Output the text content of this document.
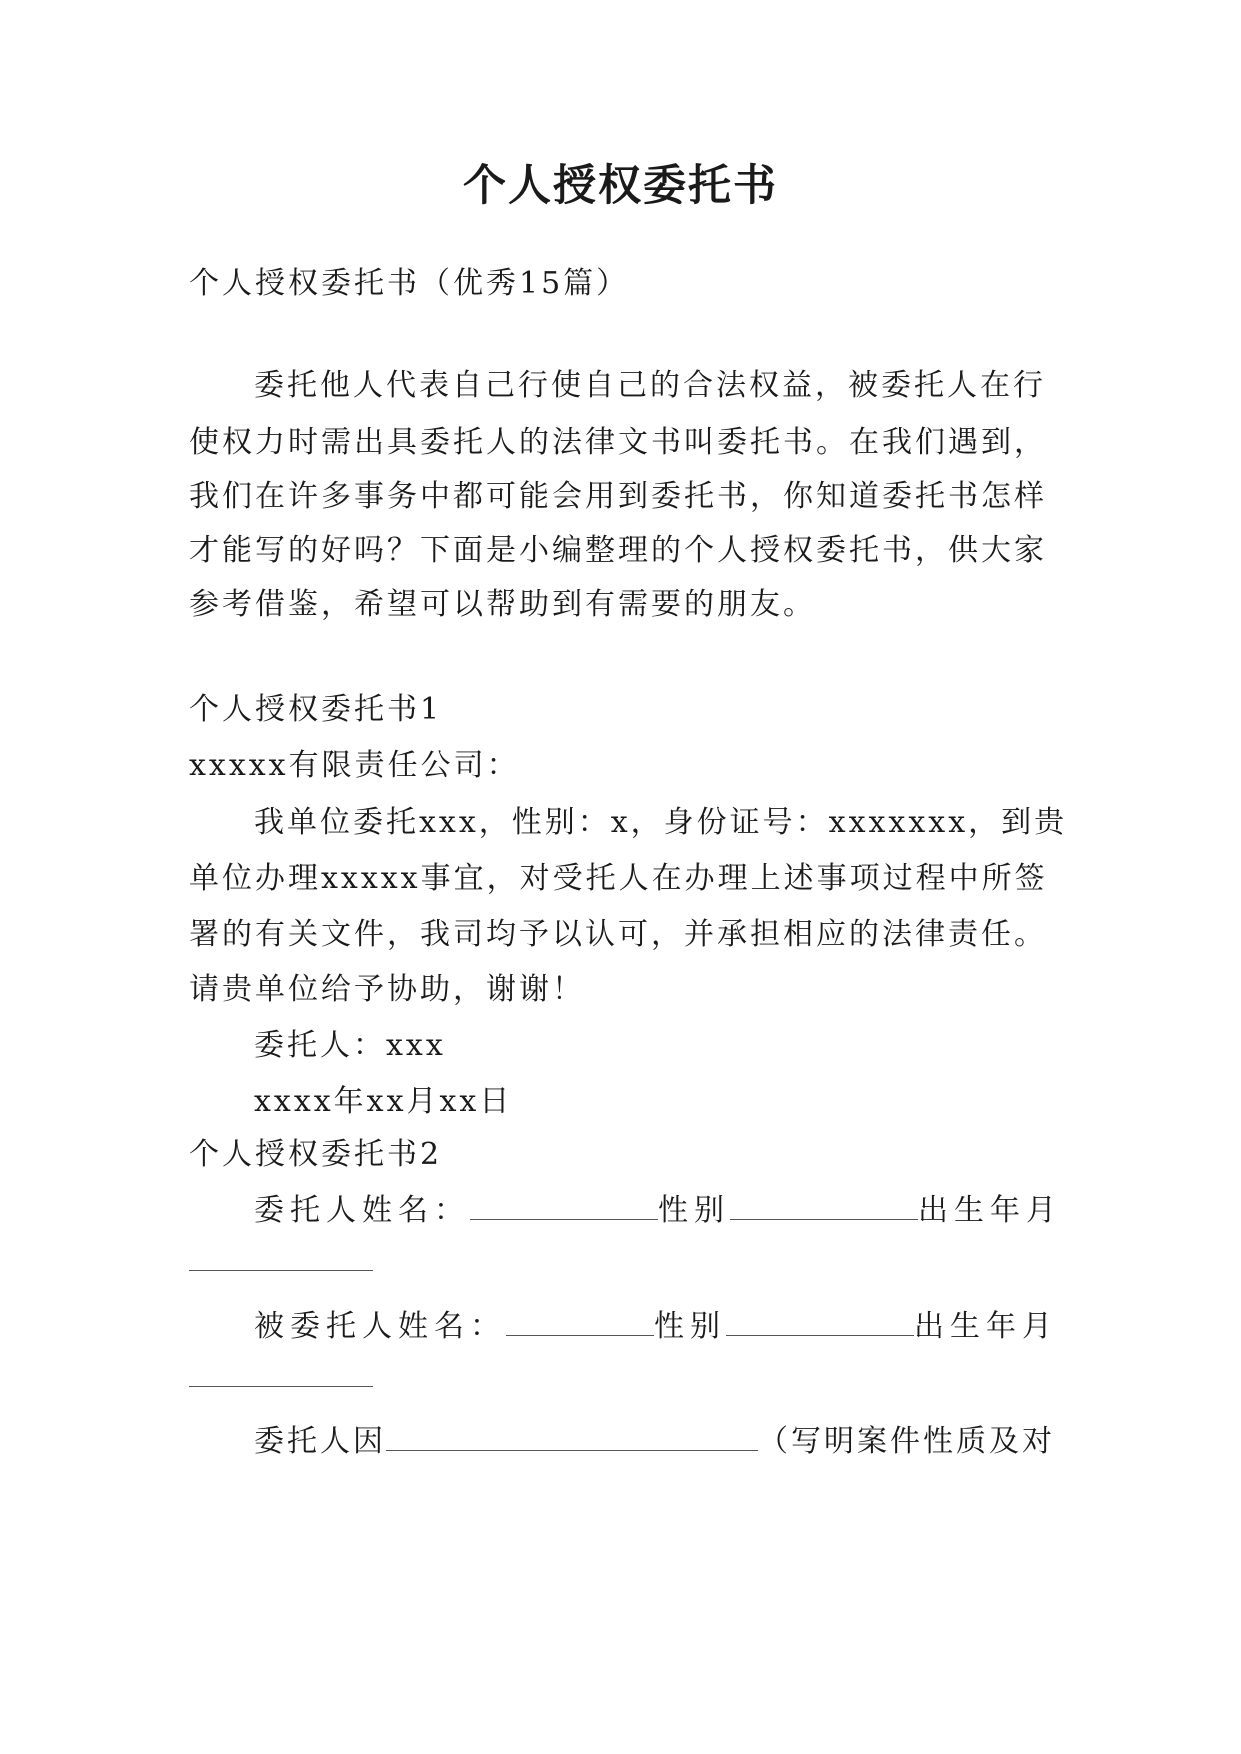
个人授权委托书

个人授权委托书（优秀15篇）

委托他人代表自己行使自己的合法权益，被委托人在行

使权力时需出具委托人的法律文书叫委托书。在我们遇到，

我们在许多事务中都可能会用到委托书，你知道委托书怎样

才能写的好吗？下面是小编整理的个人授权委托书，供大家

参考借鉴，希望可以帮助到有需要的朋友。

个人授权委托书1

xxxxx有限责任公司：

我单位委托xxx，性别：x，身份证号：xxxxxxx，到贵

单位办理xxxxx事宜，对受托人在办理上述事项过程中所签

署的有关文件，我司均予以认可，并承担相应的法律责任。

请贵单位给予协助，谢谢！

委托人：xxx

xxxx年xx月xx日

个人授权委托书2

委托人姓名：	性别	出生年月

被委托人姓名：	性别	出生年月

委托人因	（写明案件性质及对
